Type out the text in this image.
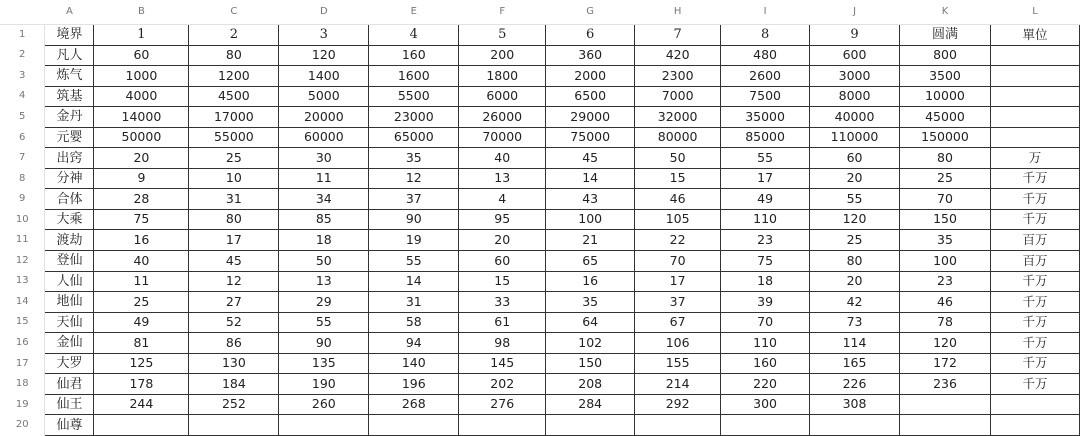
	A	B	C	D	E	F	G	H	I	J	K	L
1	境界	1	2	3	4	5	6	7	8	9	圆满	單位
2	凡人	60	80	120	160	200	360	420	480	600	800	
3	炼气	1000	1200	1400	1600	1800	2000	2300	2600	3000	3500	
4	筑基	4000	4500	5000	5500	6000	6500	7000	7500	8000	10000	
5	金丹	14000	17000	20000	23000	26000	29000	32000	35000	40000	45000	
6	元婴	50000	55000	60000	65000	70000	75000	80000	85000	110000	150000	
7	出窍	20	25	30	35	40	45	50	55	60	80	万
8	分神	9	10	11	12	13	14	15	17	20	25	千万
9	合体	28	31	34	37	4	43	46	49	55	70	千万
10	大乘	75	80	85	90	95	100	105	110	120	150	千万
11	渡劫	16	17	18	19	20	21	22	23	25	35	百万
12	登仙	40	45	50	55	60	65	70	75	80	100	百万
13	人仙	11	12	13	14	15	16	17	18	20	23	千万
14	地仙	25	27	29	31	33	35	37	39	42	46	千万
15	天仙	49	52	55	58	61	64	67	70	73	78	千万
16	金仙	81	86	90	94	98	102	106	110	114	120	千万
17	大罗	125	130	135	140	145	150	155	160	165	172	千万
18	仙君	178	184	190	196	202	208	214	220	226	236	千万
19	仙王	244	252	260	268	276	284	292	300	308		
20	仙尊											
